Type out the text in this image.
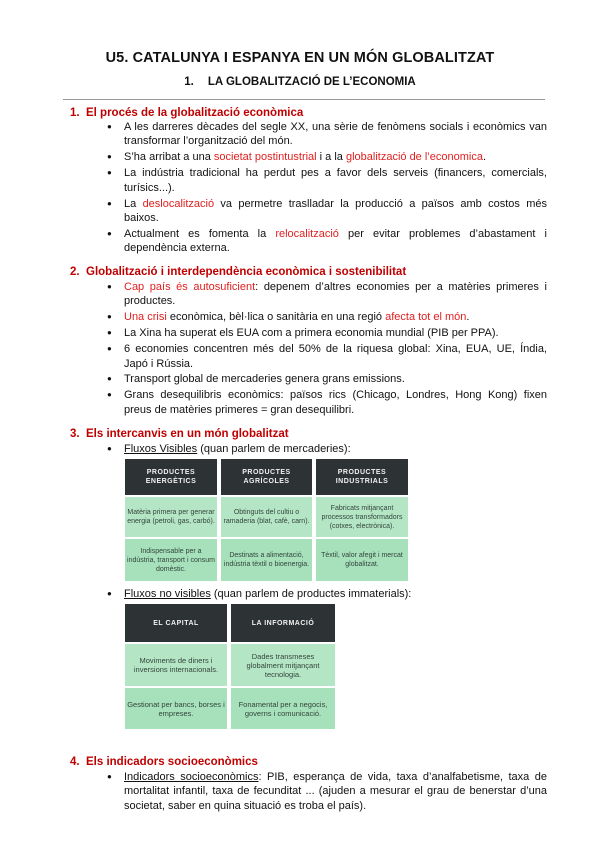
U5. CATALUNYA I ESPANYA EN UN MÓN GLOBALITZAT
1. LA GLOBALITZACIÓ DE L’ECONOMIA
1. El procés de la globalització econòmica
● A les darreres dècades del segle XX, una sèrie de fenòmens socials i econòmics van transformar l’organització del món.
● S’ha arribat a una societat postintustrial i a la globalització de l’economica.
● La indústria tradicional ha perdut pes a favor dels serveis (financers, comercials, turísics...).
● La deslocalització va permetre traslladar la producció a països amb costos més baixos.
● Actualment es fomenta la relocalització per evitar problemes d’abastament i dependència externa.
2. Globalització i interdependència econòmica i sostenibilitat
● Cap país és autosuficient: depenem d’altres economies per a matèries primeres i productes.
● Una crisi econòmica, bèl·lica o sanitària en una regió afecta tot el món.
● La Xina ha superat els EUA com a primera economia mundial (PIB per PPA).
● 6 economies concentren més del 50% de la riquesa global: Xina, EUA, UE, Índia, Japó i Rússia.
● Transport global de mercaderies genera grans emissions.
● Grans desequilibris econòmics: països rics (Chicago, Londres, Hong Kong) fixen preus de matèries primeres = gran desequilibri.
3. Els intercanvis en un món globalitzat
● Fluxos Visibles (quan parlem de mercaderies):
PRODUCTES ENERGÈTICS
PRODUCTES AGRÍCOLES
PRODUCTES INDUSTRIALS
Matèria primera per generar energia (petroli, gas, carbó).
Obtinguts del cultiu o ramaderia (blat, cafè, carn).
Fabricats mitjançant processos transformadors (cotxes, electrònica).
Indispensable per a indústria, transport i consum domèstic.
Destinats a alimentació, indústria tèxtil o bioenergia.
Tèxtil, valor afegit i mercat globalitzat.
● Fluxos no visibles (quan parlem de productes immaterials):
EL CAPITAL	LA INFORMACIÓ
Moviments de diners i inversions internacionals.
Dades transmeses globalment mitjançant tecnologia.
Gestionat per bancs, borses i empreses.
Fonamental per a negocis, governs i comunicació.
4. Els indicadors socioeconòmics
● Indicadors socioeconòmics: PIB, esperança de vida, taxa d’analfabetisme, taxa de mortalitat infantil, taxa de fecunditat ... (ajuden a mesurar el grau de benerstar d’una societat, saber en quina situació es troba el país).
